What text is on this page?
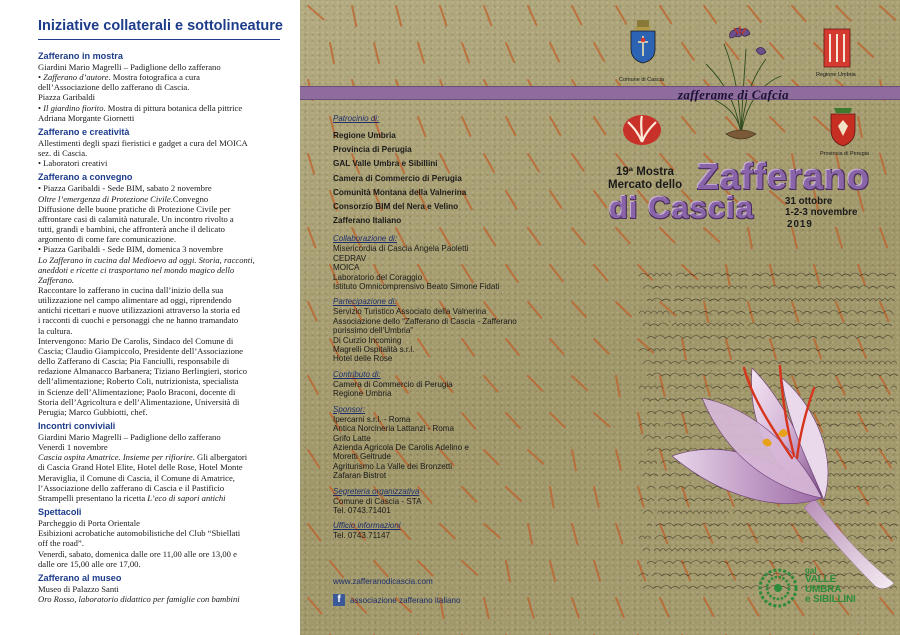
Iniziative collaterali e sottolineature
Zafferano in mostra
Giardini Mario Magrelli – Padiglione dello zafferano
• Zafferano d’autore. Mostra fotografica a cura
dell’Associazione dello zafferano di Cascia.
Piazza Garibaldi
• Il giardino fiorito. Mostra di pittura botanica della pittrice
Adriana Morgante Giornetti
Zafferano e creatività
Allestimenti degli spazi fieristici e gadget a cura del MOICA
sez. di Cascia.
• Laboratori creativi
Zafferano a convegno
• Piazza Garibaldi - Sede BIM, sabato 2 novembre
Oltre l’emergenza di Protezione Civile.Convegno
Diffusione delle buone pratiche di Protezione Civile per
affrontare casi di calamità naturale. Un incontro rivolto a
tutti, grandi e bambini, che affronterà anche il delicato
argomento di come fare comunicazione.
• Piazza Garibaldi - Sede BIM, domenica 3 novembre
Lo Zafferano in cucina dal Medioevo ad oggi. Storia, racconti,
aneddoti e ricette ci trasportano nel mondo magico dello
Zafferano.
Raccontare lo zafferano in cucina dall’inizio della sua
utilizzazione nel campo alimentare ad oggi, riprendendo
antichi ricettari e nuove utilizzazioni attraverso la storia ed
i racconti di cuochi e personaggi che ne hanno tramandato
la cultura.
Intervengono: Mario De Carolis, Sindaco del Comune di
Cascia; Claudio Giampiccolo, Presidente dell’Associazione
dello Zafferano di Cascia; Pia Fanciulli, responsabile di
redazione Almanacco Barbanera; Tiziano Berlingieri, storico
dell’alimentazione; Roberto Coli, nutrizionista, specialista
in Scienze dell’Alimentazione; Paolo Braconi, docente di
Storia dell’Agricoltura e dell’Alimentazione, Università di
Perugia; Marco Gubbiotti, chef.
Incontri conviviali
Giardini Mario Magrelli – Padiglione dello zafferano
Venerdì 1 novembre
Cascia ospita Amatrice. Insieme per rifiorire. Gli albergatori
di Cascia Grand Hotel Elite, Hotel delle Rose, Hotel Monte
Meraviglia, il Comune di Cascia, il Comune di Amatrice,
l’Associazione dello zafferano di Cascia e il Pastificio
Strampelli presentano la ricetta L’eco di sapori antichi
Spettacoli
Parcheggio di Porta Orientale
Esibizioni acrobatiche automobilistiche del Club “Sbiellati
off the road”.
Venerdì, sabato, domenica dalle ore 11,00 alle ore 13,00 e
dalle ore 15,00 alle ore 17,00.
Zafferano al museo
Museo di Palazzo Santi
Oro Rosso, laboratorio didattico per famiglie con bambini
Comune di Cascia
Regione Umbria
zafferame di Cafcia
Provincia di Perugia
Patrocinio di:
Regione Umbria
Provincia di Perugia
GAL Valle Umbra e Sibillini
Camera di Commercio di Perugia
Comunità Montana della Valnerina
Consorzio BIM del Nera e Velino
Zafferano Italiano
Collaborazione di:
Misericordia di Cascia Angela Paoletti
CEDRAV
MOICA
Laboratorio del Coraggio
Istituto Omnicomprensivo Beato Simone Fidati
Partecipazione di:
Servizio Turistico Associato della Valnerina
Associazione dello “Zafferano di Cascia - Zafferano
purissimo dell’Umbria”
Di Curzio Incoming
Magrelli Ospitalità s.r.l.
Hotel delle Rose
Contributo di:
Camera di Commercio di Perugia
Regione Umbria
Sponsor:
Ipercarni s.r.l. - Roma
Antica Norcineria Lattanzi - Roma
Grifo Latte
Azienda Agricola De Carolis Adelino e
Moretti Geltrude
Agriturismo La Valle dei Bronzetti
Zafaran Bistrot
Segreteria organizzativa
Comune di Cascia - STA
Tel. 0743.71401
Ufficio informazioni
Tel. 0743.71147
www.zafferanodicascia.com
f	associazione zafferano italiano
19ª Mostra
Mercato dello Zafferano
di Cascia	31 ottobre
1-2-3 novembre
2019
gal
VALLE
UMBRA
e SIBILLINI
